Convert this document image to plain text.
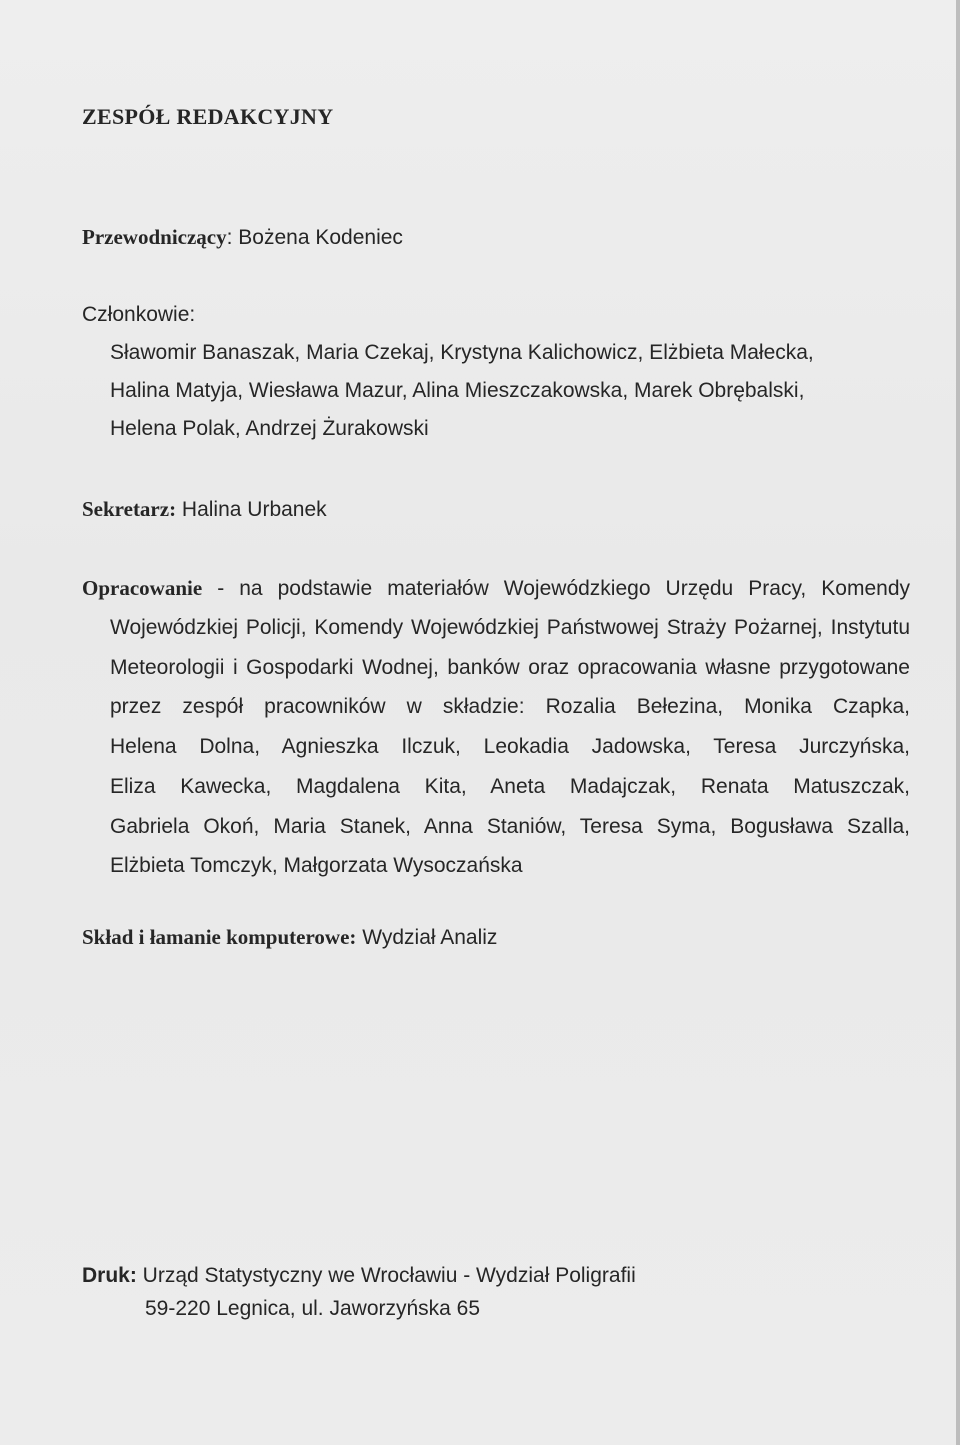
ZESPÓŁ REDAKCYJNY
Przewodniczący: Bożena Kodeniec
Członkowie:
Sławomir Banaszak, Maria Czekaj, Krystyna Kalichowicz, Elżbieta Małecka,
Halina Matyja, Wiesława Mazur, Alina Mieszczakowska, Marek Obrębalski,
Helena Polak, Andrzej Żurakowski
Sekretarz: Halina Urbanek
Opracowanie - na podstawie materiałów Wojewódzkiego Urzędu Pracy, Komendy
Wojewódzkiej Policji, Komendy Wojewódzkiej Państwowej Straży Pożarnej, Instytutu
Meteorologii i Gospodarki Wodnej, banków oraz opracowania własne przygotowane
przez zespół pracowników w składzie: Rozalia Bełezina, Monika Czapka,
Helena Dolna, Agnieszka Ilczuk, Leokadia Jadowska, Teresa Jurczyńska,
Eliza Kawecka, Magdalena Kita, Aneta Madajczak, Renata Matuszczak,
Gabriela Okoń, Maria Stanek, Anna Staniów, Teresa Syma, Bogusława Szalla,
Elżbieta Tomczyk, Małgorzata Wysoczańska
Skład i łamanie komputerowe: Wydział Analiz
Druk: Urząd Statystyczny we Wrocławiu - Wydział Poligrafii
59-220 Legnica, ul. Jaworzyńska 65
